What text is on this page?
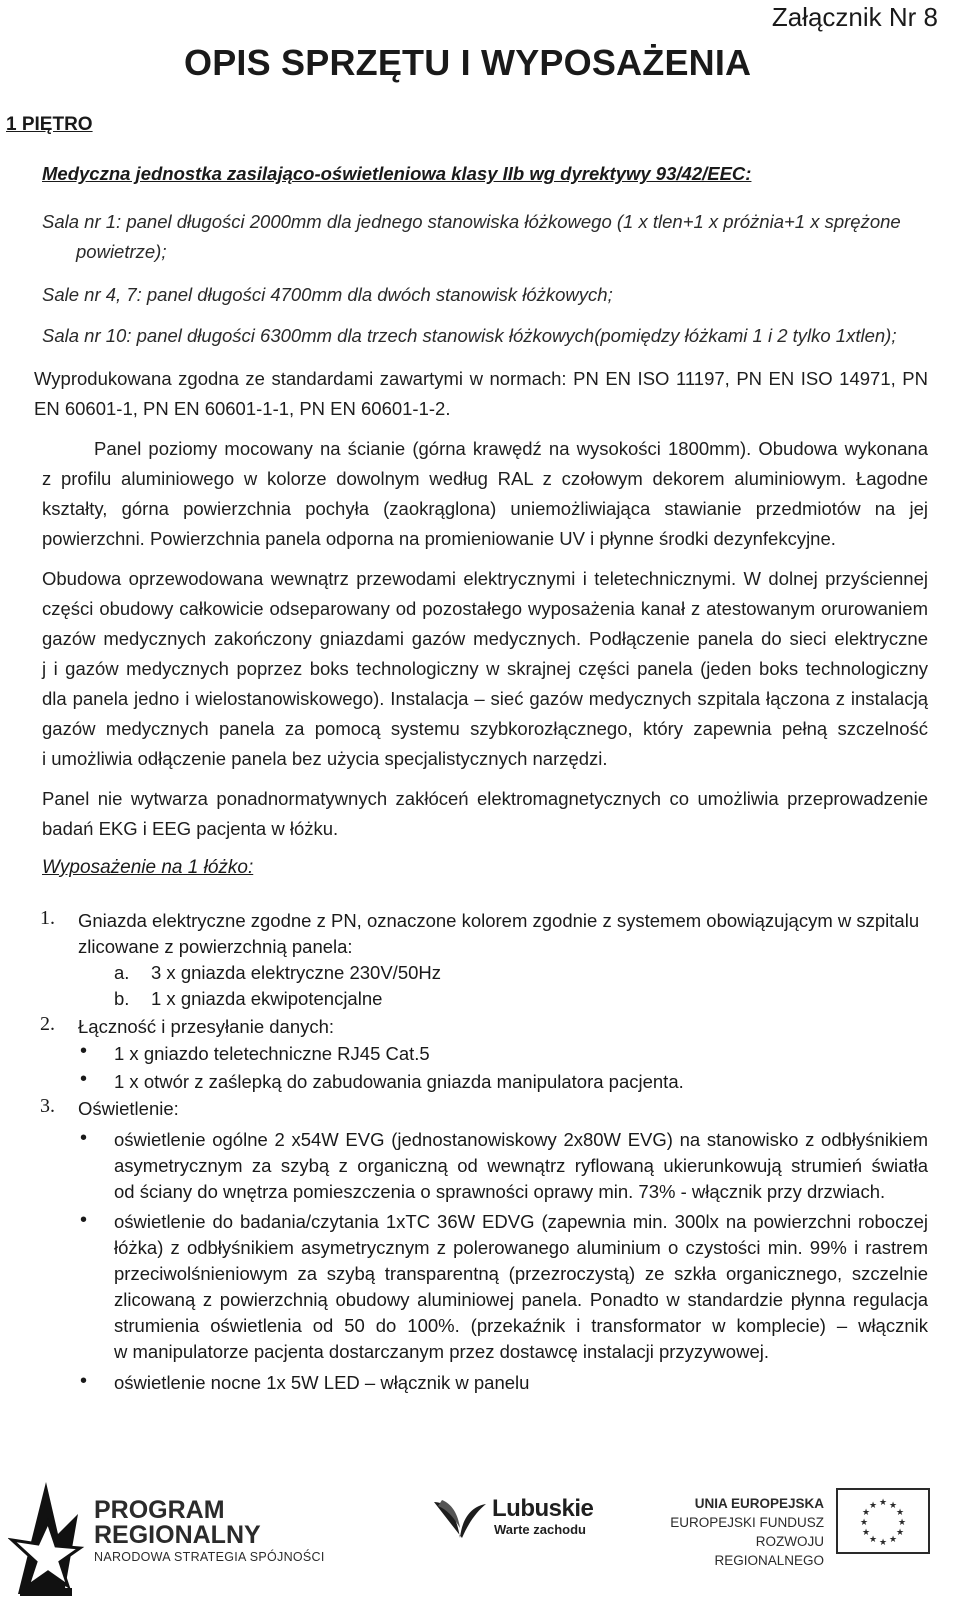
Załącznik Nr 8
OPIS SPRZĘTU I WYPOSAŻENIA
1 PIĘTRO
Medyczna jednostka zasilająco-oświetleniowa klasy IIb wg dyrektywy 93/42/EEC:
Sala nr 1: panel długości 2000mm dla jednego stanowiska łóżkowego (1 x tlen+1 x próżnia+1 x sprężone
powietrze);
Sale nr 4, 7: panel długości 4700mm dla dwóch stanowisk łóżkowych;
Sala nr 10: panel długości 6300mm dla trzech stanowisk łóżkowych(pomiędzy łóżkami 1 i 2 tylko 1xtlen);
Wyprodukowana zgodna ze standardami zawartymi w normach: PN EN ISO 11197, PN EN ISO 14971, PN
EN 60601-1, PN EN 60601-1-1, PN EN 60601-1-2.
Panel poziomy mocowany na ścianie (górna krawędź na wysokości 1800mm). Obudowa wykonana
z profilu aluminiowego w kolorze dowolnym według RAL z czołowym dekorem aluminiowym. Łagodne
kształty, górna powierzchnia pochyła (zaokrąglona) uniemożliwiająca stawianie przedmiotów na jej
powierzchni. Powierzchnia panela odporna na promieniowanie UV i płynne środki dezynfekcyjne.
Obudowa oprzewodowana wewnątrz przewodami elektrycznymi i teletechnicznymi. W dolnej przyściennej
części obudowy całkowicie odseparowany od pozostałego wyposażenia kanał z atestowanym orurowaniem
gazów medycznych zakończony gniazdami gazów medycznych. Podłączenie panela do sieci elektryczne
j i gazów medycznych poprzez boks technologiczny w skrajnej części panela (jeden boks technologiczny
dla panela jedno i wielostanowiskowego). Instalacja – sieć gazów medycznych szpitala łączona z instalacją
gazów medycznych panela za pomocą systemu szybkorozłącznego, który zapewnia pełną szczelność
i umożliwia odłączenie panela bez użycia specjalistycznych narzędzi.
Panel nie wytwarza ponadnormatywnych zakłóceń elektromagnetycznych co umożliwia przeprowadzenie
badań EKG i EEG pacjenta w łóżku.
Wyposażenie na 1 łóżko:
1. Gniazda elektryczne zgodne z PN, oznaczone kolorem zgodnie z systemem obowiązującym w szpitalu
zlicowane z powierzchnią panela:
a. 3 x gniazda elektryczne 230V/50Hz
b. 1 x gniazda ekwipotencjalne
2. Łączność i przesyłanie danych:
• 1 x gniazdo teletechniczne RJ45 Cat.5
• 1 x otwór z zaślepką do zabudowania gniazda manipulatora pacjenta.
3. Oświetlenie:
• oświetlenie ogólne 2 x54W EVG (jednostanowiskowy 2x80W EVG) na stanowisko z odbłyśnikiem
asymetrycznym za szybą z organiczną od wewnątrz ryflowaną ukierunkowują strumień światła
od ściany do wnętrza pomieszczenia o sprawności oprawy min. 73% - włącznik przy drzwiach.
• oświetlenie do badania/czytania 1xTC 36W EDVG (zapewnia min. 300lx na powierzchni roboczej
łóżka) z odbłyśnikiem asymetrycznym z polerowanego aluminium o czystości min. 99% i rastrem
przeciwolśnieniowym za szybą transparentną (przezroczystą) ze szkła organicznego, szczelnie
zlicowaną z powierzchnią obudowy aluminiowej panela. Ponadto w standardzie płynna regulacja
strumienia oświetlenia od 50 do 100%. (przekaźnik i transformator w komplecie) – włącznik
w manipulatorze pacjenta dostarczanym przez dostawcę instalacji przyzywowej.
• oświetlenie nocne 1x 5W LED – włącznik w panelu
PROGRAM
REGIONALNY
NARODOWA STRATEGIA SPÓJNOŚCI
Lubuskie
Warte zachodu
UNIA EUROPEJSKA
EUROPEJSKI FUNDUSZ
ROZWOJU REGIONALNEGO
★ ★
★
★
★
★
★
★
★
★
★
★
